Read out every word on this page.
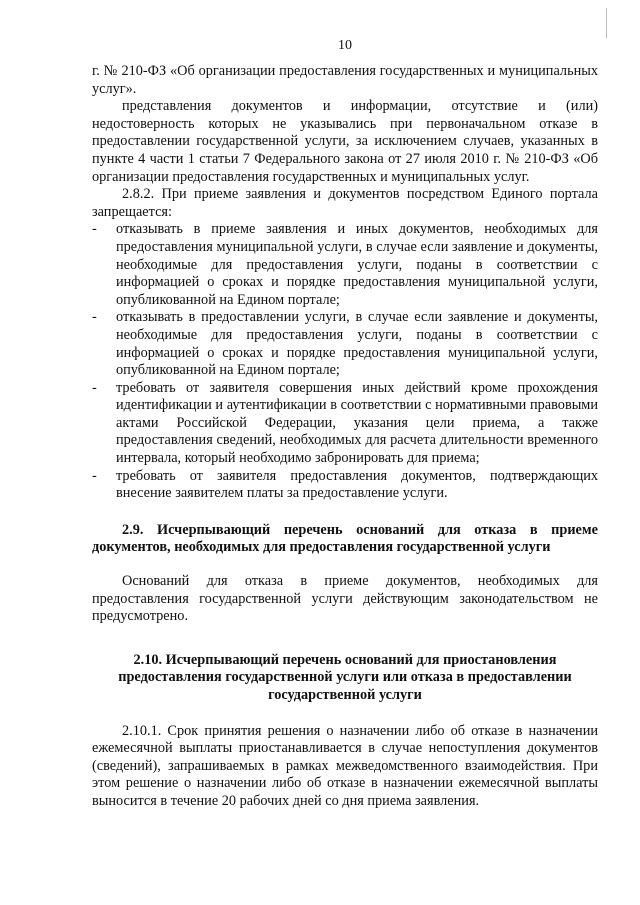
10

г. № 210-ФЗ «Об организации предоставления государственных и муниципальных услуг».

представления документов и информации, отсутствие и (или) недостоверность которых не указывались при первоначальном отказе в предоставлении государственной услуги, за исключением случаев, указанных в пункте 4 части 1 статьи 7 Федерального закона от 27 июля 2010 г. № 210-ФЗ «Об организации предоставления государственных и муниципальных услуг.

2.8.2. При приеме заявления и документов посредством Единого портала запрещается:

- отказывать в приеме заявления и иных документов, необходимых для предоставления муниципальной услуги, в случае если заявление и документы, необходимые для предоставления услуги, поданы в соответствии с информацией о сроках и порядке предоставления муниципальной услуги, опубликованной на Едином портале;
- отказывать в предоставлении услуги, в случае если заявление и документы, необходимые для предоставления услуги, поданы в соответствии с информацией о сроках и порядке предоставления муниципальной услуги, опубликованной на Едином портале;
- требовать от заявителя совершения иных действий кроме прохождения идентификации и аутентификации в соответствии с нормативными правовыми актами Российской Федерации, указания цели приема, а также предоставления сведений, необходимых для расчета длительности временного интервала, который необходимо забронировать для приема;
- требовать от заявителя предоставления документов, подтверждающих внесение заявителем платы за предоставление услуги.

2.9. Исчерпывающий перечень оснований для отказа в приеме документов, необходимых для предоставления государственной услуги

Оснований для отказа в приеме документов, необходимых для предоставления государственной услуги действующим законодательством не предусмотрено.

2.10. Исчерпывающий перечень оснований для приостановления предоставления государственной услуги или отказа в предоставлении государственной услуги

2.10.1. Срок принятия решения о назначении либо об отказе в назначении ежемесячной выплаты приостанавливается в случае непоступления документов (сведений), запрашиваемых в рамках межведомственного взаимодействия. При этом решение о назначении либо об отказе в назначении ежемесячной выплаты выносится в течение 20 рабочих дней со дня приема заявления.
